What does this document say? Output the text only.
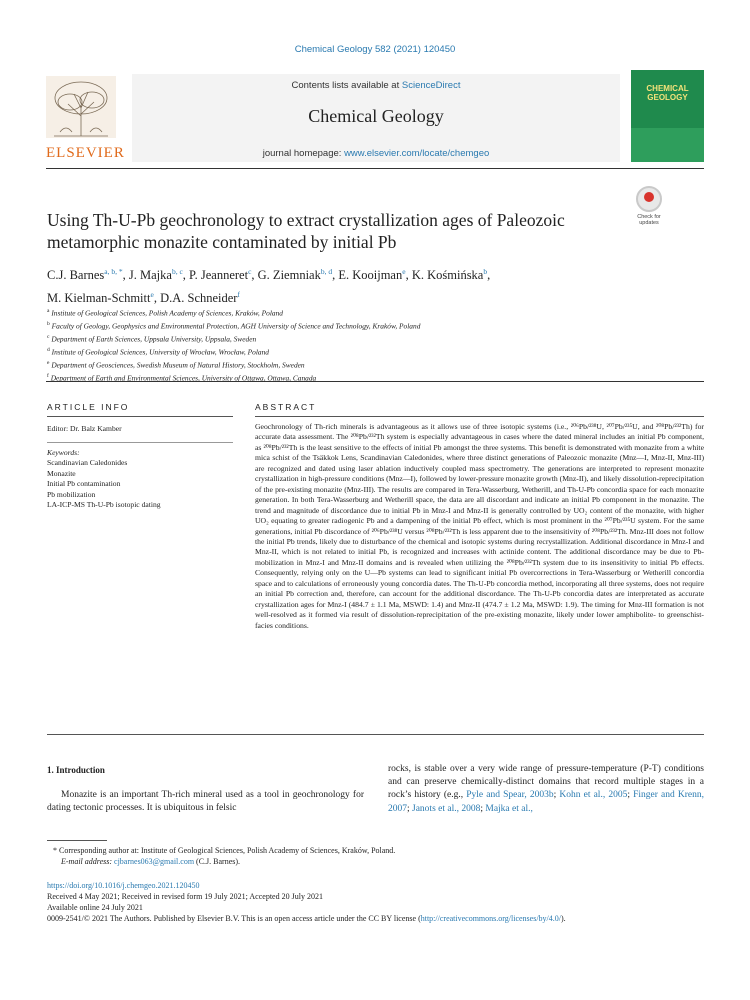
Chemical Geology 582 (2021) 120450
ELSEVIER
Contents lists available at ScienceDirect
Chemical Geology
journal homepage: www.elsevier.com/locate/chemgeo
CHEMICAL GEOLOGY
Using Th-U-Pb geochronology to extract crystallization ages of Paleozoic metamorphic monazite contaminated by initial Pb
Check for updates
C.J. Barnes$^{a, b, *}$, J. Majka$^{b, c}$, P. Jeanneret$^c$, G. Ziemniak$^{b, d}$, E. Kooijman$^e$, K. Kośmińska$^b$,
M. Kielman-Schmitt$^e$, D.A. Schneider$^f$
$^a$ Institute of Geological Sciences, Polish Academy of Sciences, Kraków, Poland
$^b$ Faculty of Geology, Geophysics and Environmental Protection, AGH University of Science and Technology, Kraków, Poland
$^c$ Department of Earth Sciences, Uppsala University, Uppsala, Sweden
$^d$ Institute of Geological Sciences, University of Wrocław, Wrocław, Poland
$^e$ Department of Geosciences, Swedish Museum of Natural History, Stockholm, Sweden
$^f$ Department of Earth and Environmental Sciences, University of Ottawa, Ottawa, Canada
ARTICLE INFO	ABSTRACT
Editor: Dr. Balz Kamber
Keywords:
Scandinavian Caledonides
Monazite
Initial Pb contamination
Pb mobilization
LA-ICP-MS Th-U-Pb isotopic dating
Geochronology of Th-rich minerals is advantageous as it allows use of three isotopic systems (i.e., ²⁰⁶Pb/²³⁸U, ²⁰⁷Pb/²³⁵U, and ²⁰⁸Pb/²³²Th) for accurate data assessment. The ²⁰⁸Pb/²³²Th system is especially advantageous in cases where the dated mineral includes an initial Pb component, as ²⁰⁸Pb/²³²Th is the least sensitive to the effects of initial Pb amongst the three systems. This benefit is demonstrated with monazite from a white mica schist of the Tsäkkok Lens, Scandinavian Caledonides, where three distinct generations of Paleozoic monazite (Mnz—I, Mnz-II, Mnz-III) are recognized and dated using laser ablation inductively coupled mass spectrometry. The generations are interpreted to represent monazite crystallization in high-pressure conditions (Mnz—I), followed by lower-pressure monazite growth (Mnz-II), and likely dissolution-reprecipitation of the pre-existing monazite (Mnz-III). The results are compared in Tera-Wasserburg, Wetherill, and Th-U-Pb concordia space for each monazite generation. In both Tera-Wasserburg and Wetherill space, the data are all discordant and indicate an initial Pb component in the monazite. The trend and magnitude of discordance due to initial Pb in Mnz-I and Mnz-II is generally controlled by UO₂ content of the monazite, with higher UO₂ equating to greater radiogenic Pb and a dampening of the initial Pb effect, which is most prominent in the ²⁰⁷Pb/²³⁵U system. For the same generations, initial Pb discordance of ²⁰⁶Pb/²³⁸U versus ²⁰⁸Pb/²³²Th is less apparent due to the insensitivity of ²⁰⁸Pb/²³²Th. Mnz-III does not follow the initial Pb trends, likely due to disturbance of the chemical and isotopic systems during recrystallization. Additional discordance in Mnz-I and Mnz-II, which is not related to initial Pb, is recognized and increases with actinide content. The additional discordance may be due to Pb-mobilization in Mnz-I and Mnz-II domains and is revealed when utilizing the ²⁰⁸Pb/²³²Th system due to its insensitivity to initial Pb effects. Consequently, relying only on the U—Pb systems can lead to significant initial Pb overcorrections in Tera-Wasserburg or Wetherill concordia space and to calculations of erroneously young concordia dates. The Th-U-Pb concordia method, incorporating all three systems, does not require an initial Pb correction and, therefore, can account for the additional discordance. The Th-U-Pb concordia dates are interpretated as accurate crystallization ages for Mnz-I (484.7 ± 1.1 Ma, MSWD: 1.4) and Mnz-II (474.7 ± 1.2 Ma, MSWD: 1.9). The timing for Mnz-III formation is not well-resolved as it formed via result of dissolution-reprecipitation of the pre-existing monazite, likely under lower amphibolite- to greenschist-facies conditions.
1. Introduction
Monazite is an important Th-rich mineral used as a tool in geochronology for dating tectonic processes. It is ubiquitous in felsic
rocks, is stable over a very wide range of pressure-temperature (P-T) conditions and can preserve chemically-distinct domains that record multiple stages in a rock’s history (e.g., Pyle and Spear, 2003b; Kohn et al., 2005; Finger and Krenn, 2007; Janots et al., 2008; Majka et al.,
* Corresponding author at: Institute of Geological Sciences, Polish Academy of Sciences, Kraków, Poland.
E-mail address: cjbarnes063@gmail.com (C.J. Barnes).
https://doi.org/10.1016/j.chemgeo.2021.120450
Received 4 May 2021; Received in revised form 19 July 2021; Accepted 20 July 2021
Available online 24 July 2021
0009-2541/© 2021 The Authors. Published by Elsevier B.V. This is an open access article under the CC BY license (http://creativecommons.org/licenses/by/4.0/).
